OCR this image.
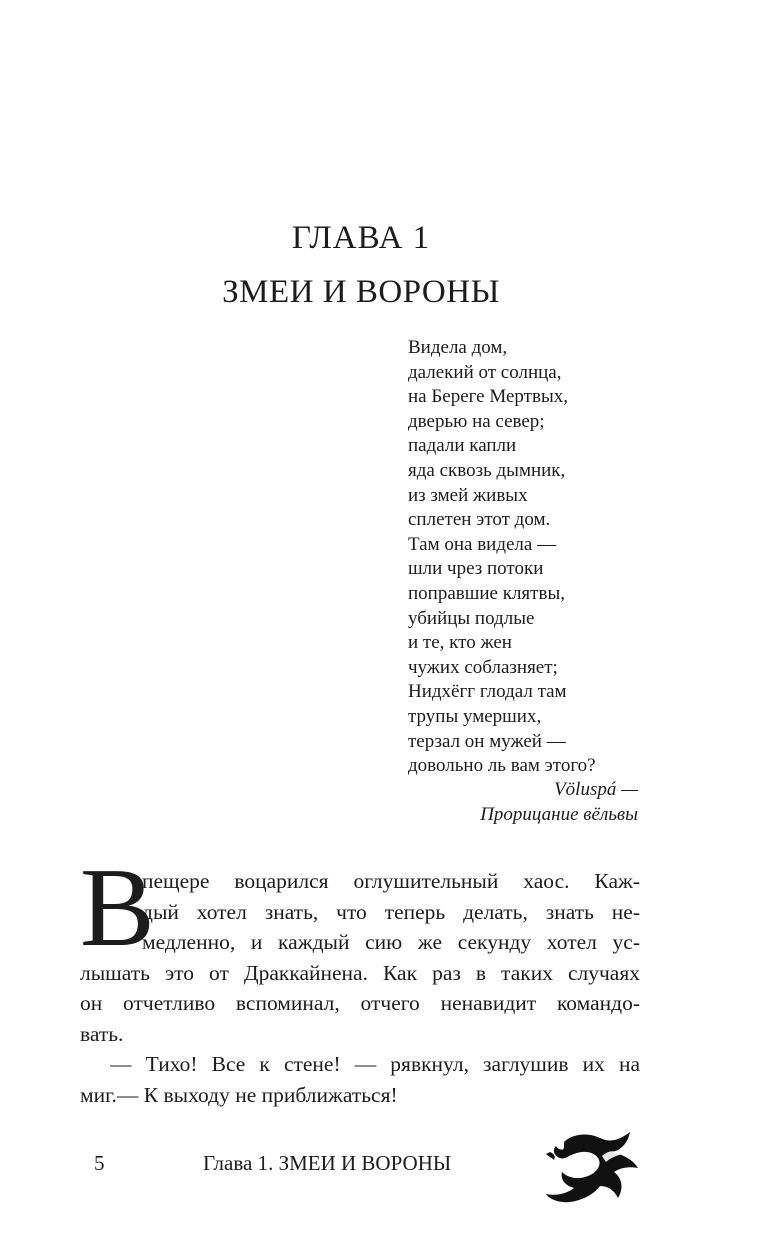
ГЛАВА 1
ЗМЕИ И ВОРОНЫ
Видела дом,
далекий от солнца,
на Береге Мертвых,
дверью на север;
падали капли
яда сквозь дымник,
из змей живых
сплетен этот дом.
Там она видела —
шли чрез потоки
поправшие клятвы,
убийцы подлые
и те, кто жен
чужих соблазняет;
Нидхёгг глодал там
трупы умерших,
терзал он мужей —
довольно ль вам этого?
Völuspá —
Прорицание вёльвы
В
пещере воцарился оглушительный хаос. Каж-
дый хотел знать, что теперь делать, знать не-
медленно, и каждый сию же секунду хотел ус-
лышать это от Драккайнена. Как раз в таких случаях
он отчетливо вспоминал, отчего ненавидит командо-
вать.
— Тихо! Все к стене! — рявкнул, заглушив их на
миг.— К выходу не приближаться!
5	Глава 1. ЗМЕИ И ВОРОНЫ
